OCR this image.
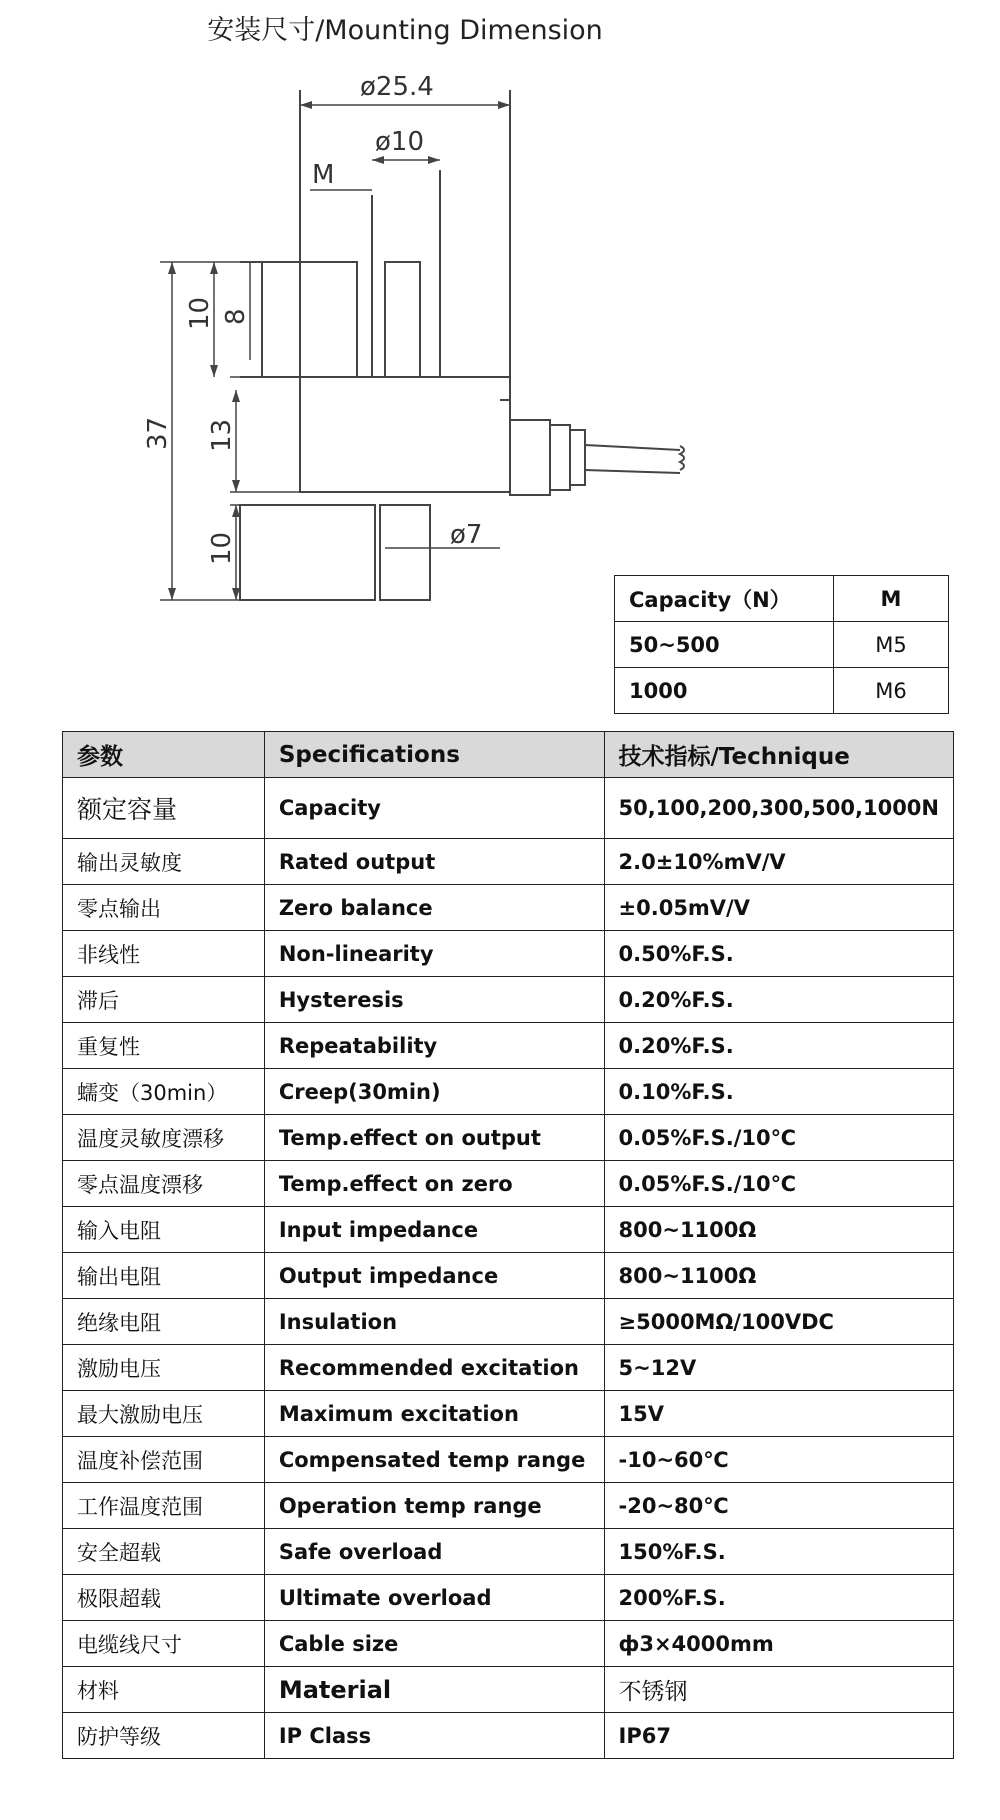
安装尺寸/Mounting Dimension
ø25.4
ø10
M
ø7
10 8
37 13
10
Capacity（N）	M
50~500	M5
1000	M6
参数	Specifications	技术指标/Technique
额定容量	Capacity	50,100,200,300,500,1000N
输出灵敏度	Rated output	2.0±10%mV/V
零点输出	Zero balance	±0.05mV/V
非线性	Non-linearity	0.50%F.S.
滞后	Hysteresis	0.20%F.S.
重复性	Repeatability	0.20%F.S.
蠕变（30min）	Creep(30min)	0.10%F.S.
温度灵敏度漂移	Temp.effect on output	0.05%F.S./10℃
零点温度漂移	Temp.effect on zero	0.05%F.S./10℃
输入电阻	Input impedance	800~1100Ω
输出电阻	Output impedance	800~1100Ω
绝缘电阻	Insulation	≥5000MΩ/100VDC
激励电压	Recommended excitation	5~12V
最大激励电压	Maximum excitation	15V
温度补偿范围	Compensated temp range	-10~60℃
工作温度范围	Operation temp range	-20~80℃
安全超载	Safe overload	150%F.S.
极限超载	Ultimate overload	200%F.S.
电缆线尺寸	Cable size	ф3×4000mm
材料	Material	不锈钢
防护等级	IP Class	IP67
